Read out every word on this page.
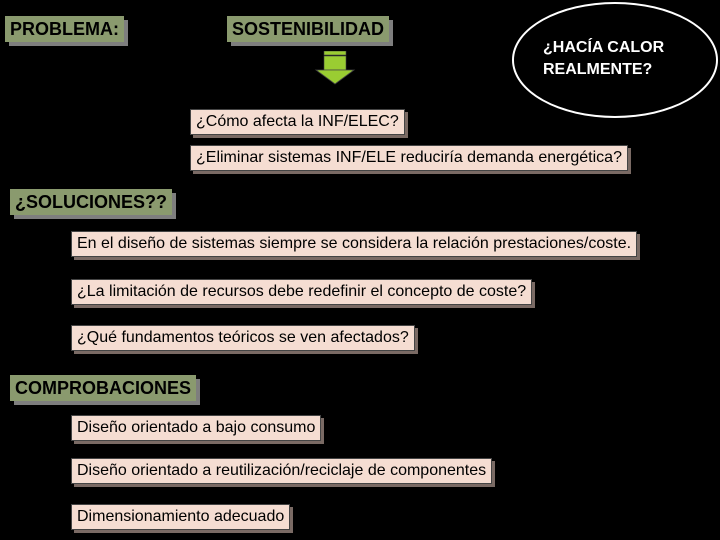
PROBLEMA:	SOSTENIBILIDAD
¿HACÍA CALOR
REALMENTE?
¿Cómo afecta la INF/ELEC?
¿Eliminar sistemas INF/ELE reduciría demanda energética?
¿SOLUCIONES??
En el diseño de sistemas siempre se considera la relación prestaciones/coste.
¿La limitación de recursos debe redefinir el concepto de coste?
¿Qué fundamentos teóricos se ven afectados?
COMPROBACIONES
Diseño orientado a bajo consumo
Diseño orientado a reutilización/reciclaje de componentes
Dimensionamiento adecuado
